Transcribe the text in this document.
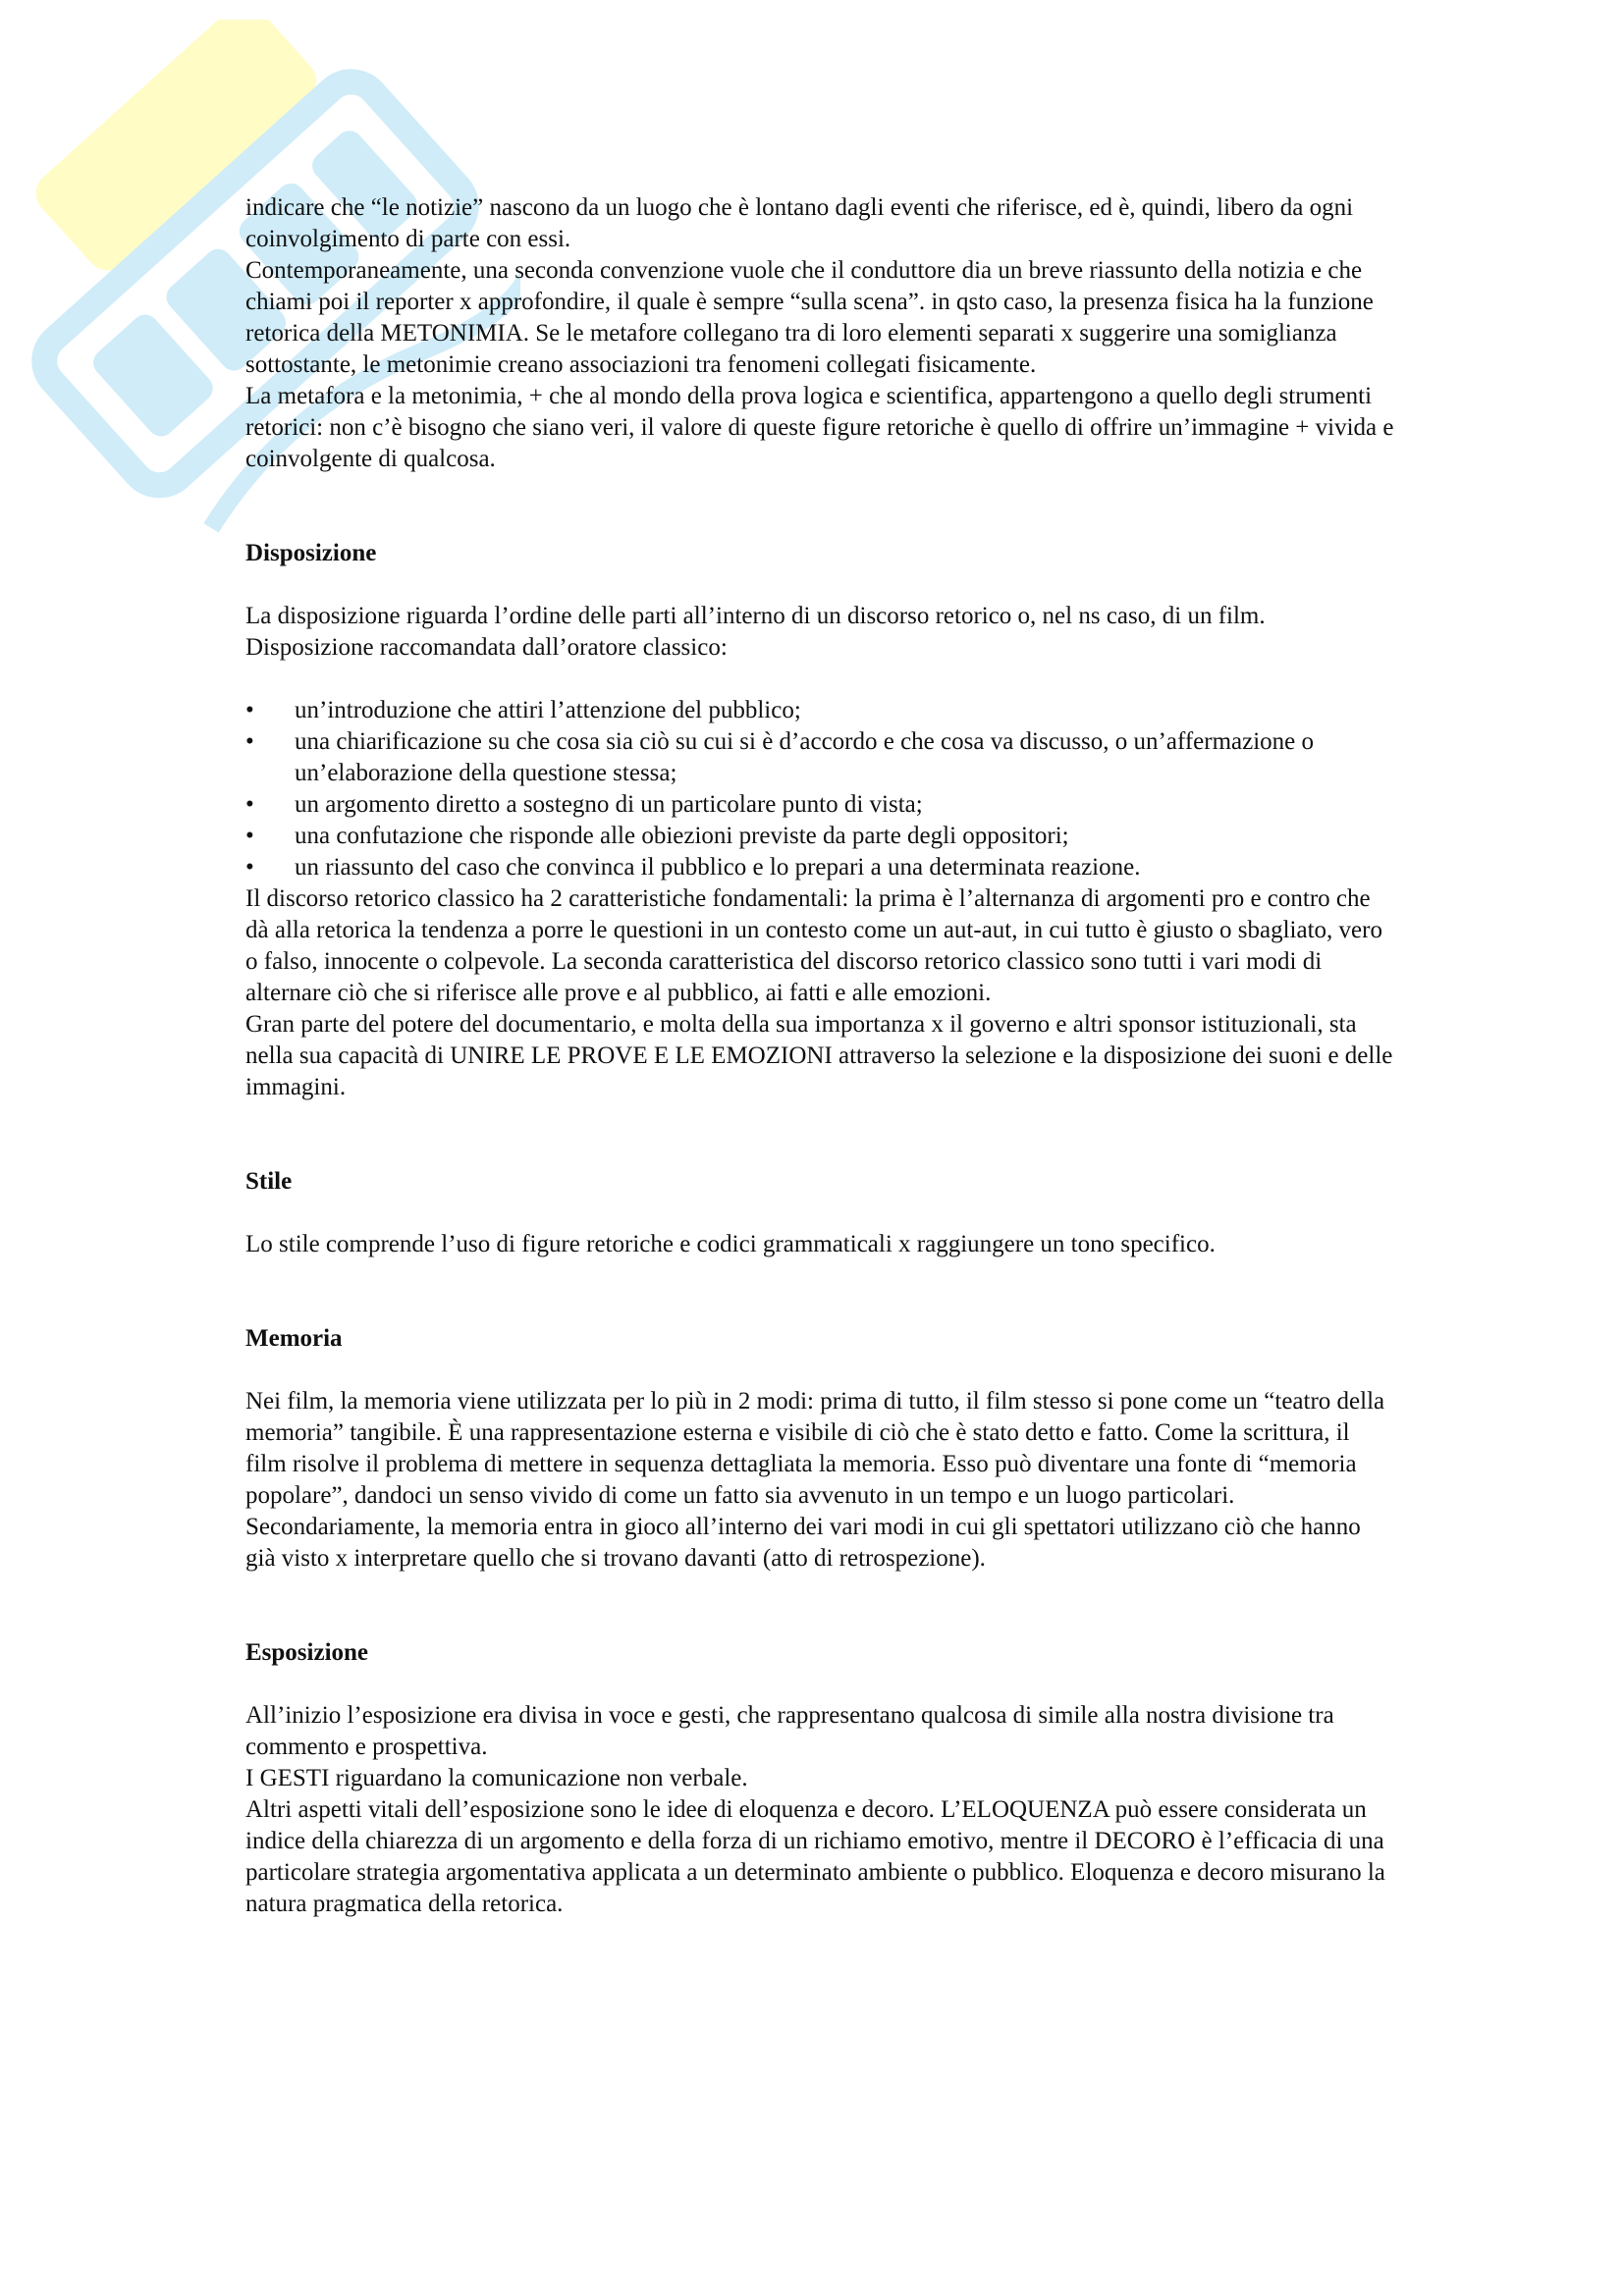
indicare che “le notizie” nascono da un luogo che è lontano dagli eventi che riferisce, ed è, quindi, libero da ogni coinvolgimento di parte con essi.

Contemporaneamente, una seconda convenzione vuole che il conduttore dia un breve riassunto della notizia e che chiami poi il reporter x approfondire, il quale è sempre “sulla scena”. in qsto caso, la presenza fisica ha la funzione retorica della METONIMIA. Se le metafore collegano tra di loro elementi separati x suggerire una somiglianza sottostante, le metonimie creano associazioni tra fenomeni collegati fisicamente.

La metafora e la metonimia, + che al mondo della prova logica e scientifica, appartengono a quello degli strumenti retorici: non c’è bisogno che siano veri, il valore di queste figure retoriche è quello di offrire un’immagine + vivida e coinvolgente di qualcosa.

Disposizione

La disposizione riguarda l’ordine delle parti all’interno di un discorso retorico o, nel ns caso, di un film.

Disposizione raccomandata dall’oratore classico:

• un’introduzione che attiri l’attenzione del pubblico;
• una chiarificazione su che cosa sia ciò su cui si è d’accordo e che cosa va discusso, o un’affermazione o un’elaborazione della questione stessa;
• un argomento diretto a sostegno di un particolare punto di vista;
• una confutazione che risponde alle obiezioni previste da parte degli oppositori;
• un riassunto del caso che convinca il pubblico e lo prepari a una determinata reazione.

Il discorso retorico classico ha 2 caratteristiche fondamentali: la prima è l’alternanza di argomenti pro e contro che dà alla retorica la tendenza a porre le questioni in un contesto come un aut-aut, in cui tutto è giusto o sbagliato, vero o falso, innocente o colpevole. La seconda caratteristica del discorso retorico classico sono tutti i vari modi di alternare ciò che si riferisce alle prove e al pubblico, ai fatti e alle emozioni.

Gran parte del potere del documentario, e molta della sua importanza x il governo e altri sponsor istituzionali, sta nella sua capacità di UNIRE LE PROVE E LE EMOZIONI attraverso la selezione e la disposizione dei suoni e delle immagini.

Stile

Lo stile comprende l’uso di figure retoriche e codici grammaticali x raggiungere un tono specifico.

Memoria

Nei film, la memoria viene utilizzata per lo più in 2 modi: prima di tutto, il film stesso si pone come un “teatro della memoria” tangibile. È una rappresentazione esterna e visibile di ciò che è stato detto e fatto. Come la scrittura, il film risolve il problema di mettere in sequenza dettagliata la memoria. Esso può diventare una fonte di “memoria popolare”, dandoci un senso vivido di come un fatto sia avvenuto in un tempo e un luogo particolari.

Secondariamente, la memoria entra in gioco all’interno dei vari modi in cui gli spettatori utilizzano ciò che hanno già visto x interpretare quello che si trovano davanti (atto di retrospezione).

Esposizione

All’inizio l’esposizione era divisa in voce e gesti, che rappresentano qualcosa di simile alla nostra divisione tra commento e prospettiva.

I GESTI riguardano la comunicazione non verbale.

Altri aspetti vitali dell’esposizione sono le idee di eloquenza e decoro. L’ELOQUENZA può essere considerata un indice della chiarezza di un argomento e della forza di un richiamo emotivo, mentre il DECORO è l’efficacia di una particolare strategia argomentativa applicata a un determinato ambiente o pubblico. Eloquenza e decoro misurano la natura pragmatica della retorica.
